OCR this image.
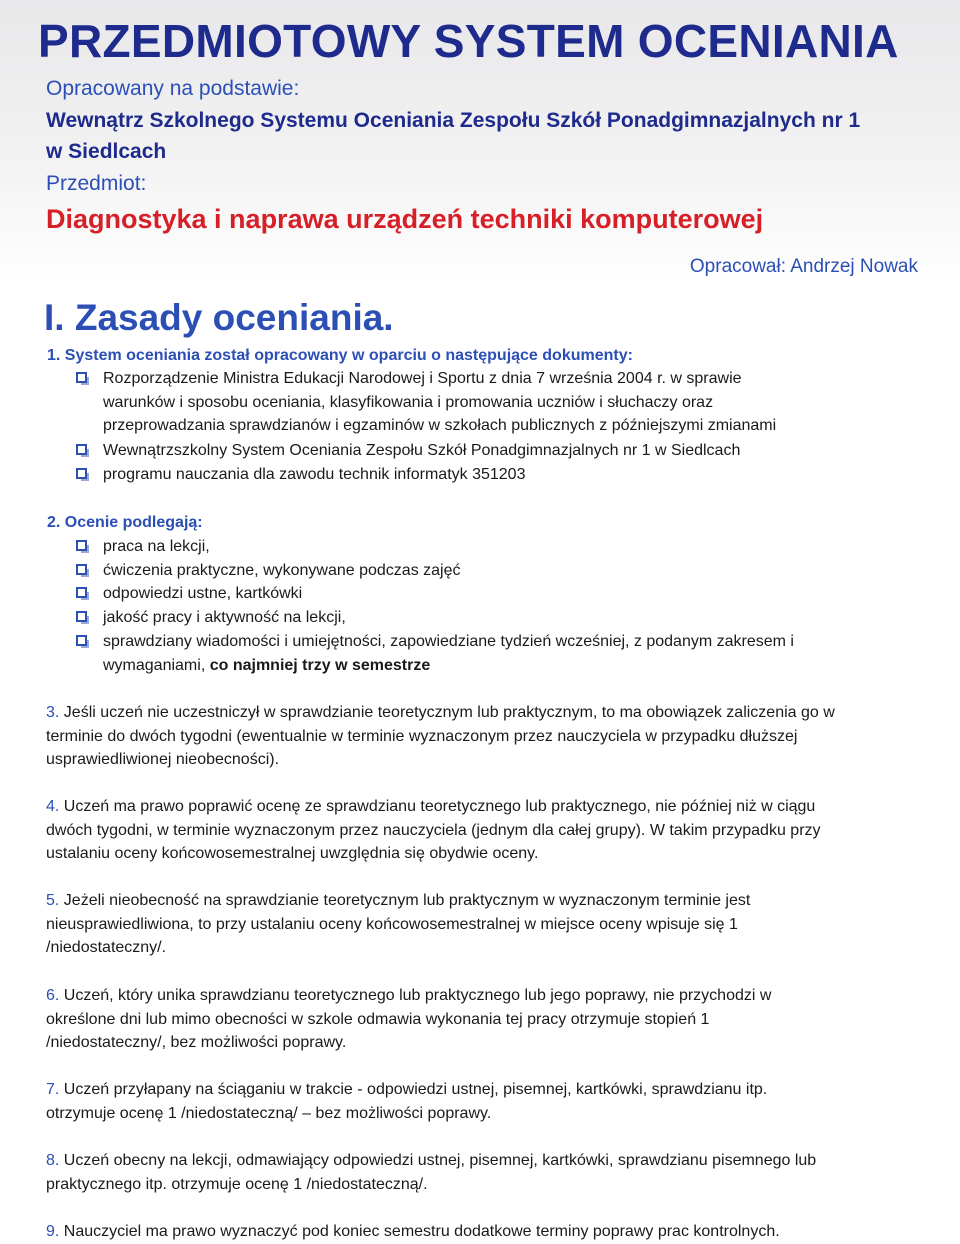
PRZEDMIOTOWY SYSTEM OCENIANIA
Opracowany na podstawie:
Wewnątrz Szkolnego Systemu Oceniania Zespołu Szkół Ponadgimnazjalnych nr 1
w Siedlcach
Przedmiot:
Diagnostyka i naprawa urządzeń techniki komputerowej
Opracował: Andrzej Nowak
I. Zasady oceniania.
1. System oceniania został opracowany w oparciu o następujące dokumenty:
Rozporządzenie Ministra Edukacji Narodowej i Sportu z dnia 7 września 2004 r. w sprawie
warunków i sposobu oceniania, klasyfikowania i promowania uczniów i słuchaczy oraz
przeprowadzania sprawdzianów i egzaminów w szkołach publicznych z późniejszymi zmianami
Wewnątrzszkolny System Oceniania Zespołu Szkół Ponadgimnazjalnych nr 1 w Siedlcach
programu nauczania dla zawodu technik informatyk 351203
2. Ocenie podlegają:
praca na lekcji,
ćwiczenia praktyczne, wykonywane podczas zajęć
odpowiedzi ustne, kartkówki
jakość pracy i aktywność na lekcji,
sprawdziany wiadomości i umiejętności, zapowiedziane tydzień wcześniej, z podanym zakresem i
wymaganiami, co najmniej trzy w semestrze
3. Jeśli uczeń nie uczestniczył w sprawdzianie teoretycznym lub praktycznym, to ma obowiązek zaliczenia go w
terminie do dwóch tygodni (ewentualnie w terminie wyznaczonym przez nauczyciela w przypadku dłuższej
usprawiedliwionej nieobecności).
4. Uczeń ma prawo poprawić ocenę ze sprawdzianu teoretycznego lub praktycznego, nie później niż w ciągu
dwóch tygodni, w terminie wyznaczonym przez nauczyciela (jednym dla całej grupy). W takim przypadku przy
ustalaniu oceny końcowosemestralnej uwzględnia się obydwie oceny.
5. Jeżeli nieobecność na sprawdzianie teoretycznym lub praktycznym w wyznaczonym terminie jest
nieusprawiedliwiona, to przy ustalaniu oceny końcowosemestralnej w miejsce oceny wpisuje się 1
/niedostateczny/.
6. Uczeń, który unika sprawdzianu teoretycznego lub praktycznego lub jego poprawy, nie przychodzi w
określone dni lub mimo obecności w szkole odmawia wykonania tej pracy otrzymuje stopień 1
/niedostateczny/, bez możliwości poprawy.
7. Uczeń przyłapany na ściąganiu w trakcie - odpowiedzi ustnej, pisemnej, kartkówki, sprawdzianu itp.
otrzymuje ocenę 1 /niedostateczną/ – bez możliwości poprawy.
8. Uczeń obecny na lekcji, odmawiający odpowiedzi ustnej, pisemnej, kartkówki, sprawdzianu pisemnego lub
praktycznego itp. otrzymuje ocenę 1 /niedostateczną/.
9. Nauczyciel ma prawo wyznaczyć pod koniec semestru dodatkowe terminy poprawy prac kontrolnych.
